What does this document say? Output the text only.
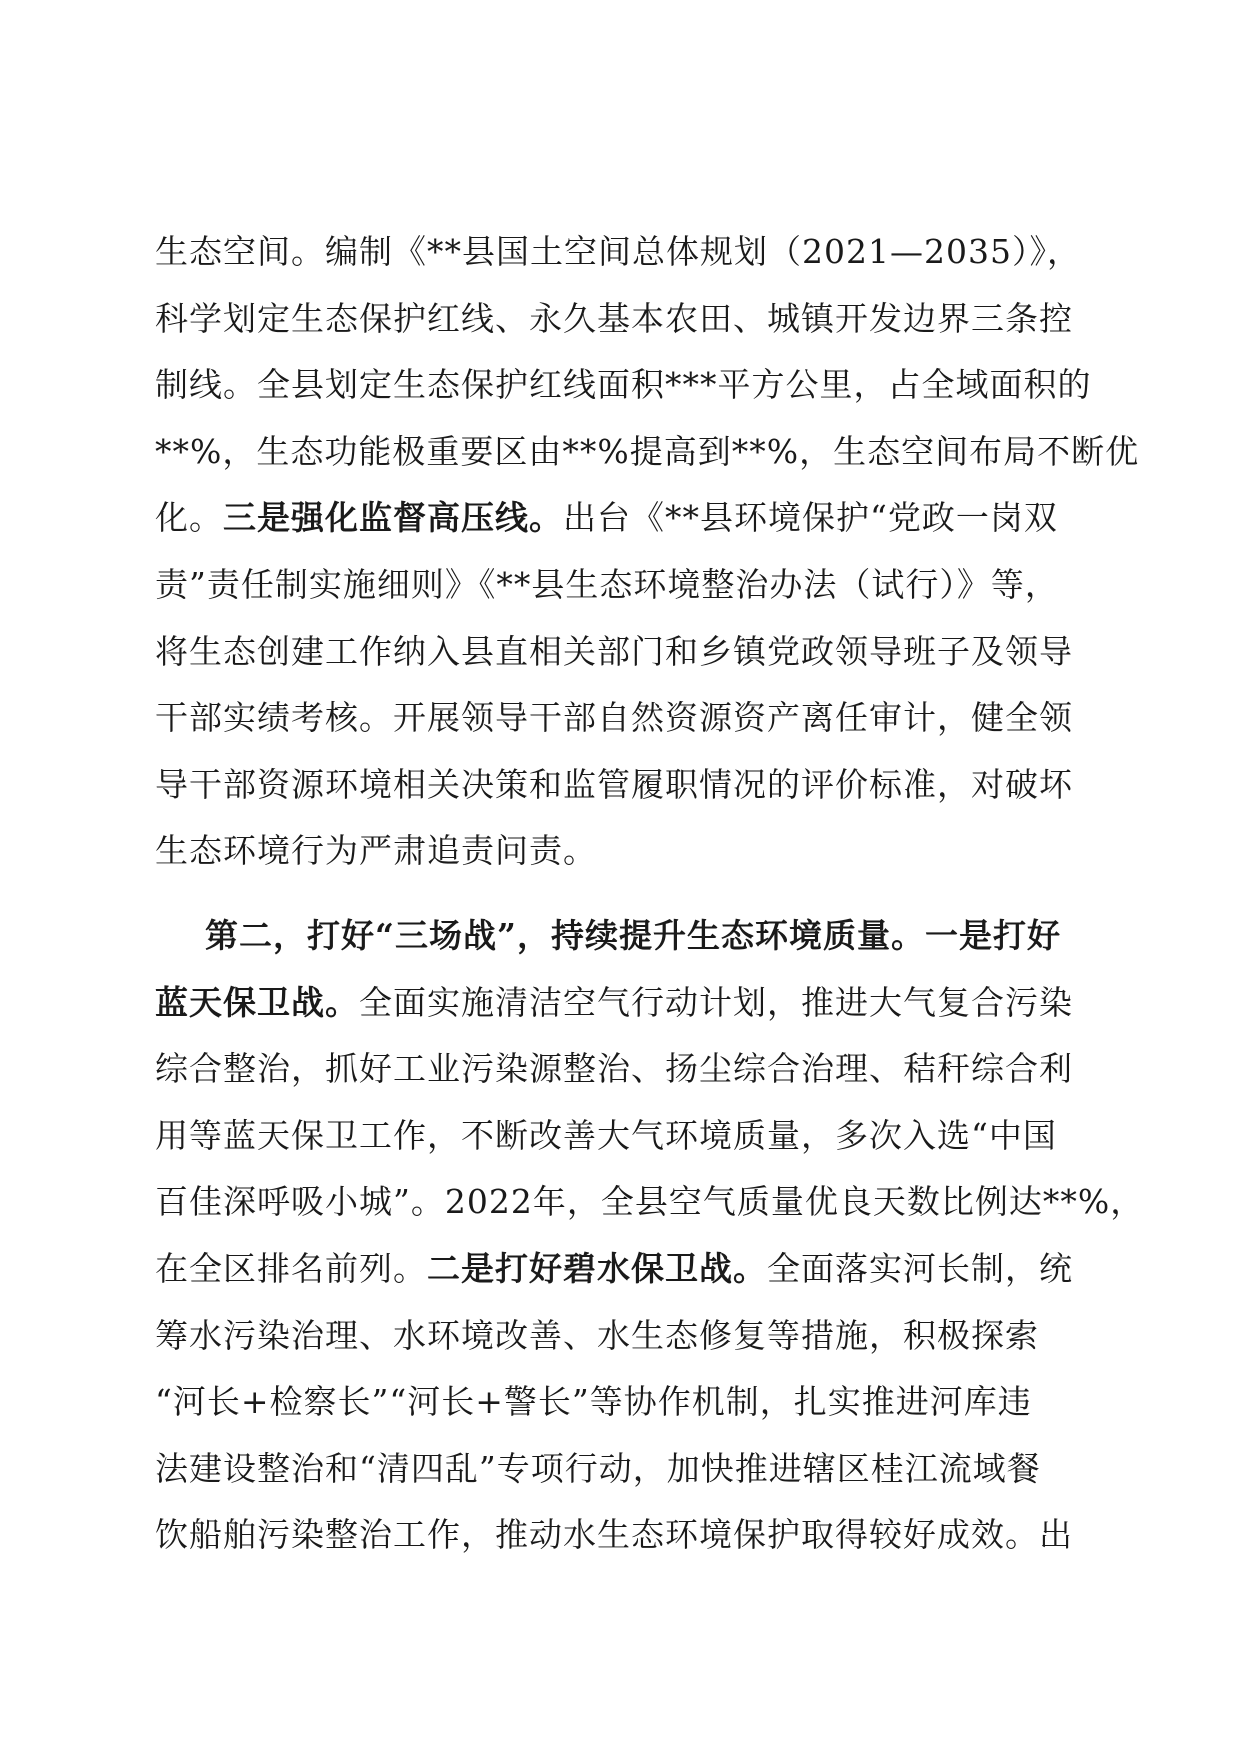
生态空间。编制《**县国土空间总体规划（2021—2035）》，
科学划定生态保护红线、永久基本农田、城镇开发边界三条控
制线。全县划定生态保护红线面积***平方公里，占全域面积的
**%，生态功能极重要区由**%提高到**%，生态空间布局不断优
化。三是强化监督高压线。出台《**县环境保护“党政一岗双
责”责任制实施细则》《**县生态环境整治办法（试行）》等，
将生态创建工作纳入县直相关部门和乡镇党政领导班子及领导
干部实绩考核。开展领导干部自然资源资产离任审计，健全领
导干部资源环境相关决策和监管履职情况的评价标准，对破坏
生态环境行为严肃追责问责。
第二，打好“三场战”，持续提升生态环境质量。一是打好
蓝天保卫战。全面实施清洁空气行动计划，推进大气复合污染
综合整治，抓好工业污染源整治、扬尘综合治理、秸秆综合利
用等蓝天保卫工作，不断改善大气环境质量，多次入选“中国
百佳深呼吸小城”。2022年，全县空气质量优良天数比例达**%，
在全区排名前列。二是打好碧水保卫战。全面落实河长制，统
筹水污染治理、水环境改善、水生态修复等措施，积极探索
“河长+检察长”“河长+警长”等协作机制，扎实推进河库违
法建设整治和“清四乱”专项行动，加快推进辖区桂江流域餐
饮船舶污染整治工作，推动水生态环境保护取得较好成效。出
